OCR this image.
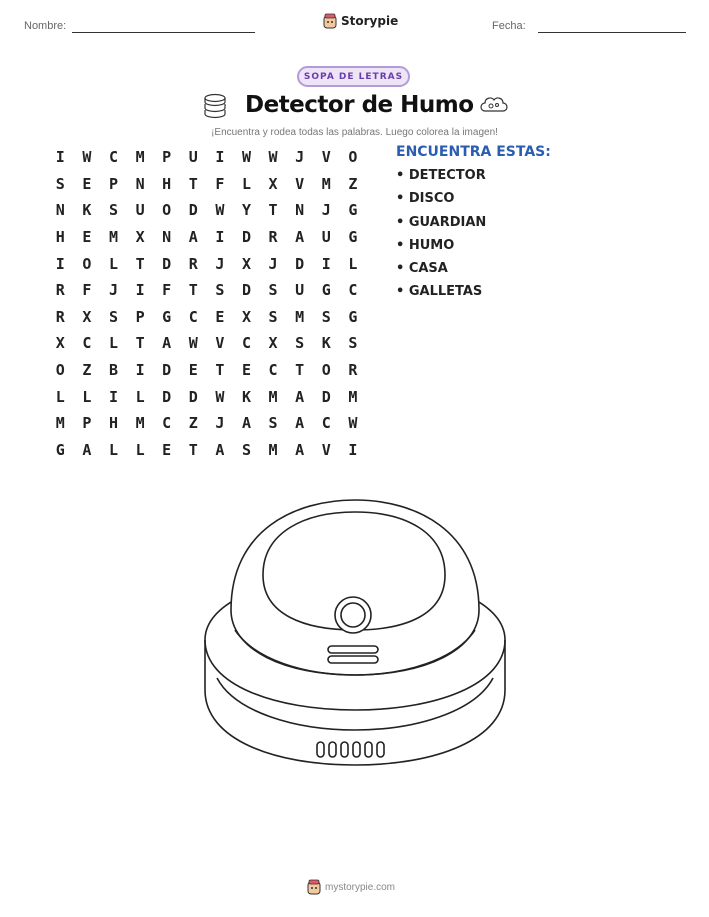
Nombre:	Storypie	Fecha:
SOPA DE LETRAS
Detector de Humo
¡Encuentra y rodea todas las palabras. Luego colorea la imagen!
I	W	C	M	P	U	I	W	W	J	V	O
S	E	P	N	H	T	F	L	X	V	M	Z
N	K	S	U	O	D	W	Y	T	N	J	G
H	E	M	X	N	A	I	D	R	A	U	G
I	O	L	T	D	R	J	X	J	D	I	L
R	F	J	I	F	T	S	D	S	U	G	C
R	X	S	P	G	C	E	X	S	M	S	G
X	C	L	T	A	W	V	C	X	S	K	S
O	Z	B	I	D	E	T	E	C	T	O	R
L	L	I	L	D	D	W	K	M	A	D	M
M	P	H	M	C	Z	J	A	S	A	C	W
G	A	L	L	E	T	A	S	M	A	V	I
ENCUENTRA ESTAS:
• DETECTOR
• DISCO
• GUARDIAN
• HUMO
• CASA
• GALLETAS
mystorypie.com
